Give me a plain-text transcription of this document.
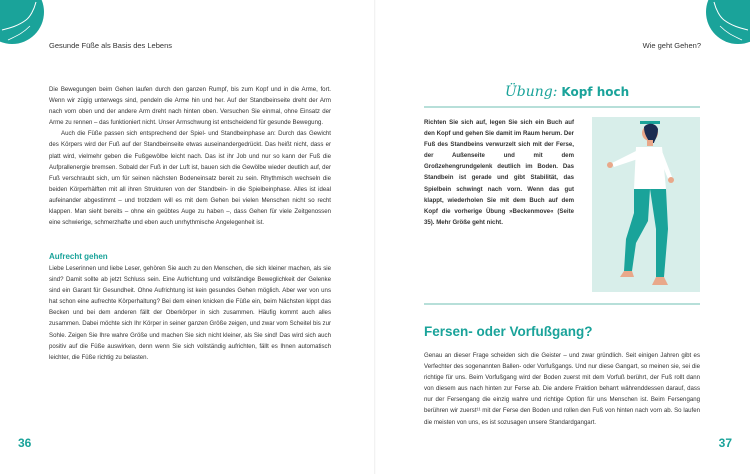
Gesunde Füße als Basis des Lebens

Die Bewegungen beim Gehen laufen durch den ganzen Rumpf, bis zum Kopf und in die Arme, fort. Wenn wir zügig unterwegs sind, pendeln die Arme hin und her. Auf der Standbeinseite dreht der Arm nach vorn oben und der andere Arm dreht nach hinten oben. Versuchen Sie einmal, ohne Einsatz der Arme zu rennen – das funktioniert nicht. Unser Armschwung ist entscheidend für gesunde Bewegung.

Auch die Füße passen sich entsprechend der Spiel- und Standbeinphase an: Durch das Gewicht des Körpers wird der Fuß auf der Standbeinseite etwas auseinandergedrückt. Das heißt nicht, dass er platt wird, vielmehr geben die Fußgewölbe leicht nach. Das ist ihr Job und nur so kann der Fuß die Aufprallenergie bremsen. Sobald der Fuß in der Luft ist, bauen sich die Gewölbe wieder deutlich auf, der Fuß verschraubt sich, um für seinen nächsten Bodeneinsatz bereit zu sein. Rhythmisch wechseln die beiden Körperhälften mit all ihren Strukturen von der Standbein- in die Spielbeinphase. Alles ist ideal aufeinander abgestimmt – und trotzdem will es mit dem Gehen bei vielen Menschen nicht so recht klappen. Man sieht bereits – ohne ein geübtes Auge zu haben –, dass Gehen für viele Zeitgenossen eine schwierige, schmerzhafte und eben auch unrhythmische Angelegenheit ist.

Aufrecht gehen

Liebe Leserinnen und liebe Leser, gehören Sie auch zu den Menschen, die sich kleiner machen, als sie sind? Damit sollte ab jetzt Schluss sein. Eine Aufrichtung und vollständige Beweglichkeit der Gelenke sind ein Garant für Gesundheit. Ohne Aufrichtung ist kein gesundes Gehen möglich. Aber wer von uns hat schon eine aufrechte Körperhaltung? Bei dem einen knicken die Füße ein, beim Nächsten kippt das Becken und bei dem anderen fällt der Oberkörper in sich zusammen. Häufig kommt auch alles zusammen. Dabei möchte sich Ihr Körper in seiner ganzen Größe zeigen, und zwar vom Scheitel bis zur Sohle. Zeigen Sie Ihre wahre Größe und machen Sie sich nicht kleiner, als Sie sind! Das wird sich auch positiv auf die Füße auswirken, denn wenn Sie sich vollständig aufrichten, fällt es Ihnen automatisch leichter, die Füße richtig zu belasten.

36
Wie geht Gehen?
Übung: Kopf hoch

Richten Sie sich auf, legen Sie sich ein Buch auf den Kopf und gehen Sie damit im Raum herum. Der Fuß des Standbeins verwurzelt sich mit der Ferse, der Außenseite und mit dem Großzehengrundgelenk deutlich im Boden. Das Standbein ist gerade und gibt Stabilität, das Spielbein schwingt nach vorn. Wenn das gut klappt, wiederholen Sie mit dem Buch auf dem Kopf die vorherige Übung »Beckenmove« (Seite 35). Mehr Größe geht nicht.

Fersen- oder Vorfußgang?

Genau an dieser Frage scheiden sich die Geister – und zwar gründlich. Seit einigen Jahren gibt es Verfechter des sogenannten Ballen- oder Vorfußgangs. Und nur diese Gangart, so meinen sie, sei die richtige für uns. Beim Vorfußgang wird der Boden zuerst mit dem Vorfuß berührt, der Fuß rollt dann von diesem aus nach hinten zur Ferse ab. Die andere Fraktion beharrt währenddessen darauf, dass nur der Fersengang die einzig wahre und richtige Option für uns Menschen ist. Beim Fersengang berühren wir zuerst¹¹ mit der Ferse den Boden und rollen den Fuß von hinten nach vorn ab. So laufen die meisten von uns, es ist sozusagen unsere Standardgangart.

37
